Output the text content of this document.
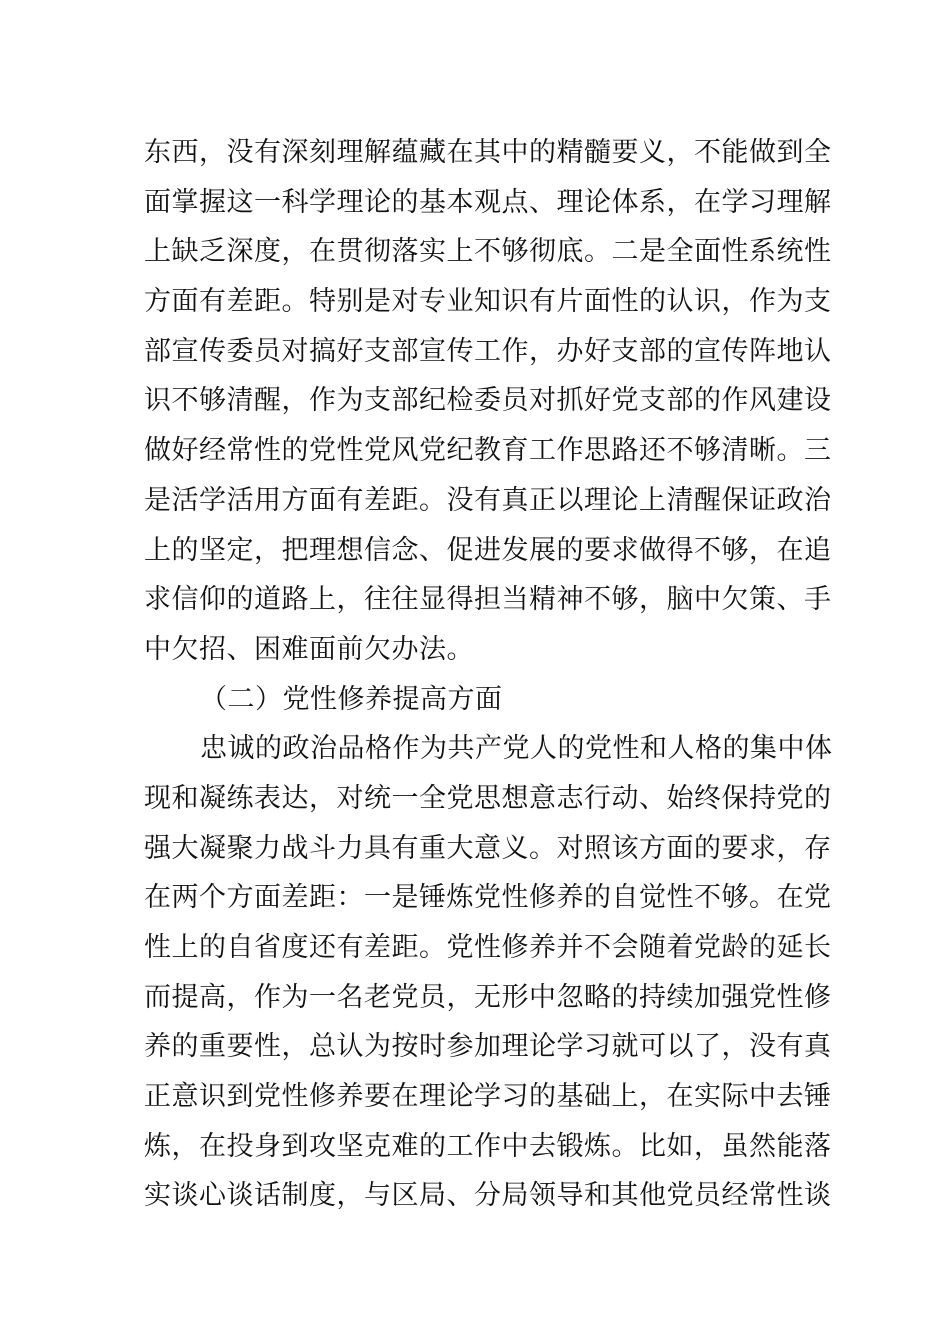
东西，没有深刻理解蕴藏在其中的精髓要义，不能做到全
面掌握这一科学理论的基本观点、理论体系，在学习理解
上缺乏深度，在贯彻落实上不够彻底。二是全面性系统性
方面有差距。特别是对专业知识有片面性的认识，作为支
部宣传委员对搞好支部宣传工作，办好支部的宣传阵地认
识不够清醒，作为支部纪检委员对抓好党支部的作风建设
做好经常性的党性党风党纪教育工作思路还不够清晰。三
是活学活用方面有差距。没有真正以理论上清醒保证政治
上的坚定，把理想信念、促进发展的要求做得不够，在追
求信仰的道路上，往往显得担当精神不够，脑中欠策、手
中欠招、困难面前欠办法。
（二）党性修养提高方面
忠诚的政治品格作为共产党人的党性和人格的集中体
现和凝练表达，对统一全党思想意志行动、始终保持党的
强大凝聚力战斗力具有重大意义。对照该方面的要求，存
在两个方面差距：一是锤炼党性修养的自觉性不够。在党
性上的自省度还有差距。党性修养并不会随着党龄的延长
而提高，作为一名老党员，无形中忽略的持续加强党性修
养的重要性，总认为按时参加理论学习就可以了，没有真
正意识到党性修养要在理论学习的基础上，在实际中去锤
炼，在投身到攻坚克难的工作中去锻炼。比如，虽然能落
实谈心谈话制度，与区局、分局领导和其他党员经常性谈
